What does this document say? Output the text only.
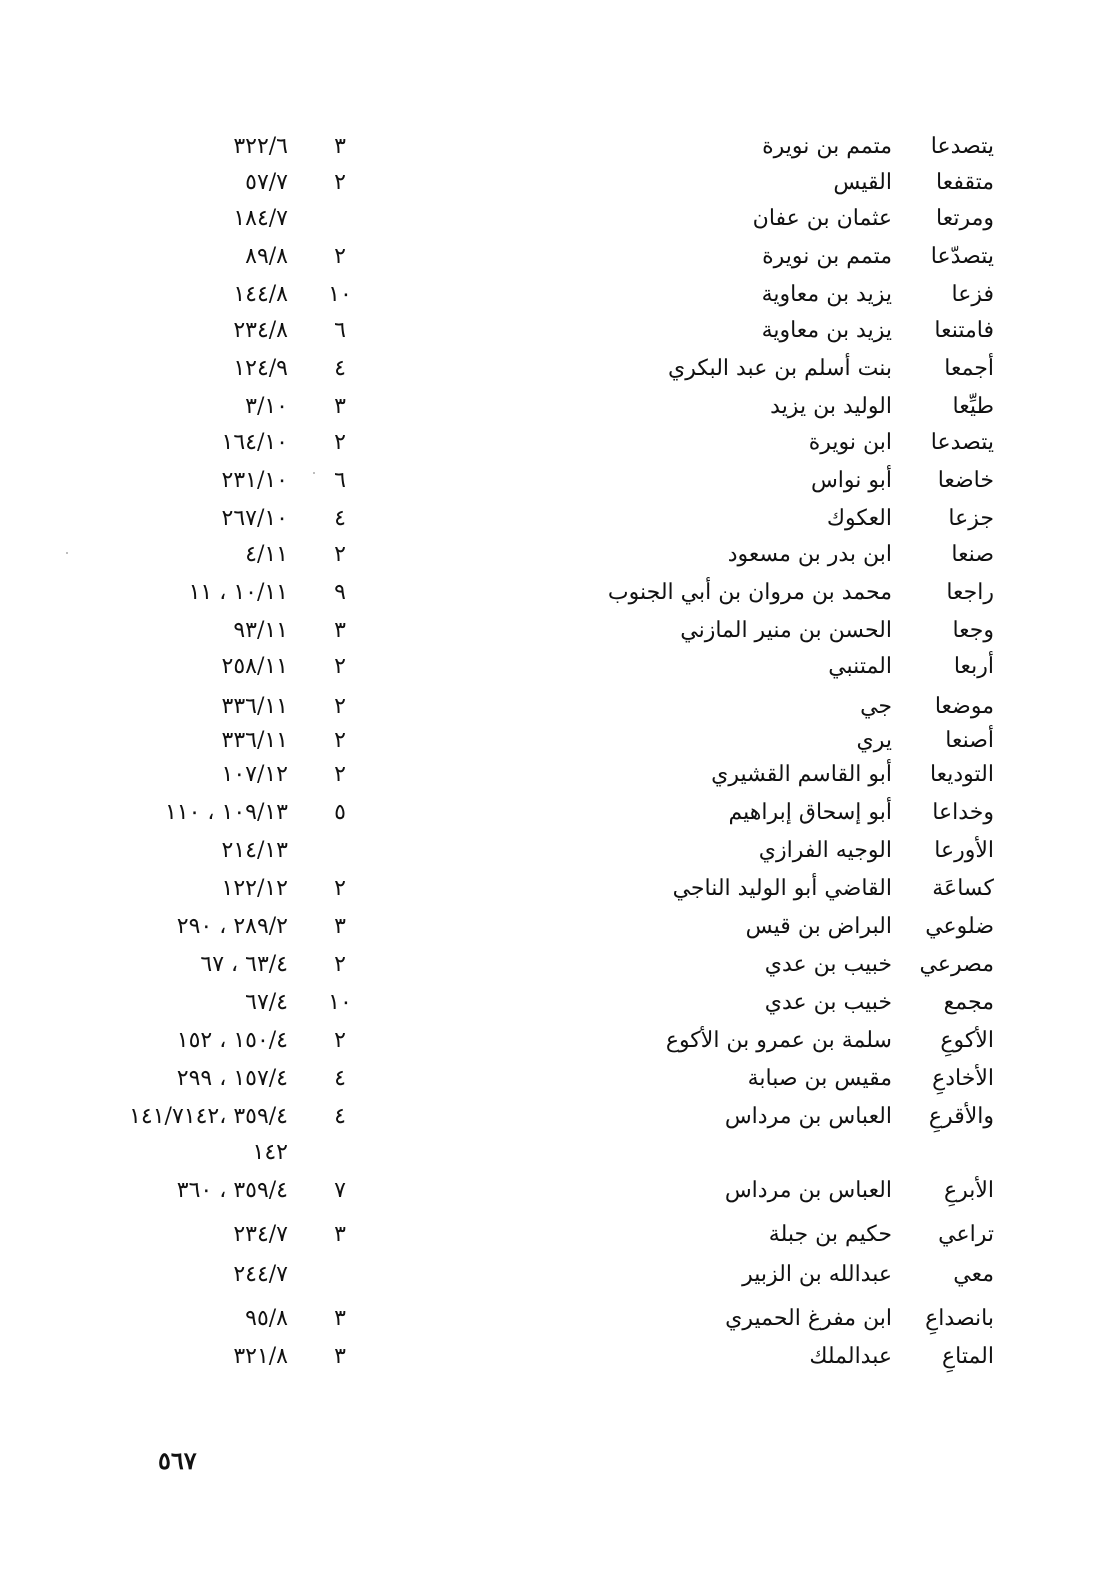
يتصدعا
متمم بن نويرة
٣
٣٢٢/٦
متقفعا
القيس
٢
٥٧/٧
ومرتعا
عثمان بن عفان
١٨٤/٧
يتصدّعا
متمم بن نويرة
٢
٨٩/٨
فزعا
يزيد بن معاوية
١٠
١٤٤/٨
فامتنعا
يزيد بن معاوية
٦
٢٣٤/٨
أجمعا
بنت أسلم بن عبد البكري
٤
١٢٤/٩
طيِّعا
الوليد بن يزيد
٣
٣/١٠
يتصدعا
ابن نويرة
٢
١٦٤/١٠
خاضعا
أبو نواس
٦
٢٣١/١٠
جزعا
العكوك
٤
٢٦٧/١٠
صنعا
ابن بدر بن مسعود
٢
٤/١١
راجعا
محمد بن مروان بن أبي الجنوب
٩
١٠/١١ ، ١١
وجعا
الحسن بن منير المازني
٣
٩٣/١١
أربعا
المتنبي
٢
٢٥٨/١١
موضعا
جي
٢
٣٣٦/١١
أصنعا
يري
٢
٣٣٦/١١
التوديعا
أبو القاسم القشيري
٢
١٠٧/١٢
وخداعا
أبو إسحاق إبراهيم
٥
١٠٩/١٣ ، ١١٠
الأورعا
الوجيه الفرازي
٢١٤/١٣
كساعَة
القاضي أبو الوليد الناجي
٢
١٢٢/١٢
ضلوعي
البراض بن قيس
٣
٢٨٩/٢ ، ٢٩٠
مصرعي
خبيب بن عدي
٢
٦٣/٤ ، ٦٧
مجمع
خبيب بن عدي
١٠
٦٧/٤
الأكوعِ
سلمة بن عمرو بن الأكوع
٢
١٥٠/٤ ، ١٥٢
الأخادعِ
مقيس بن صبابة
٤
١٥٧/٤ ، ٢٩٩
والأقرعِ
العباس بن مرداس
٤
٣٥٩/٤ ،١٤١/٧١٤٢
١٤٢
الأبرعِ
العباس بن مرداس
٧
٣٥٩/٤ ، ٣٦٠
تراعي
حكيم بن جبلة
٣
٢٣٤/٧
معي
عبدالله بن الزبير
٢٤٤/٧
بانصداعِ
ابن مفرغ الحميري
٣
٩٥/٨
المتاعِ
عبدالملك
٣
٣٢١/٨
٥٦٧
